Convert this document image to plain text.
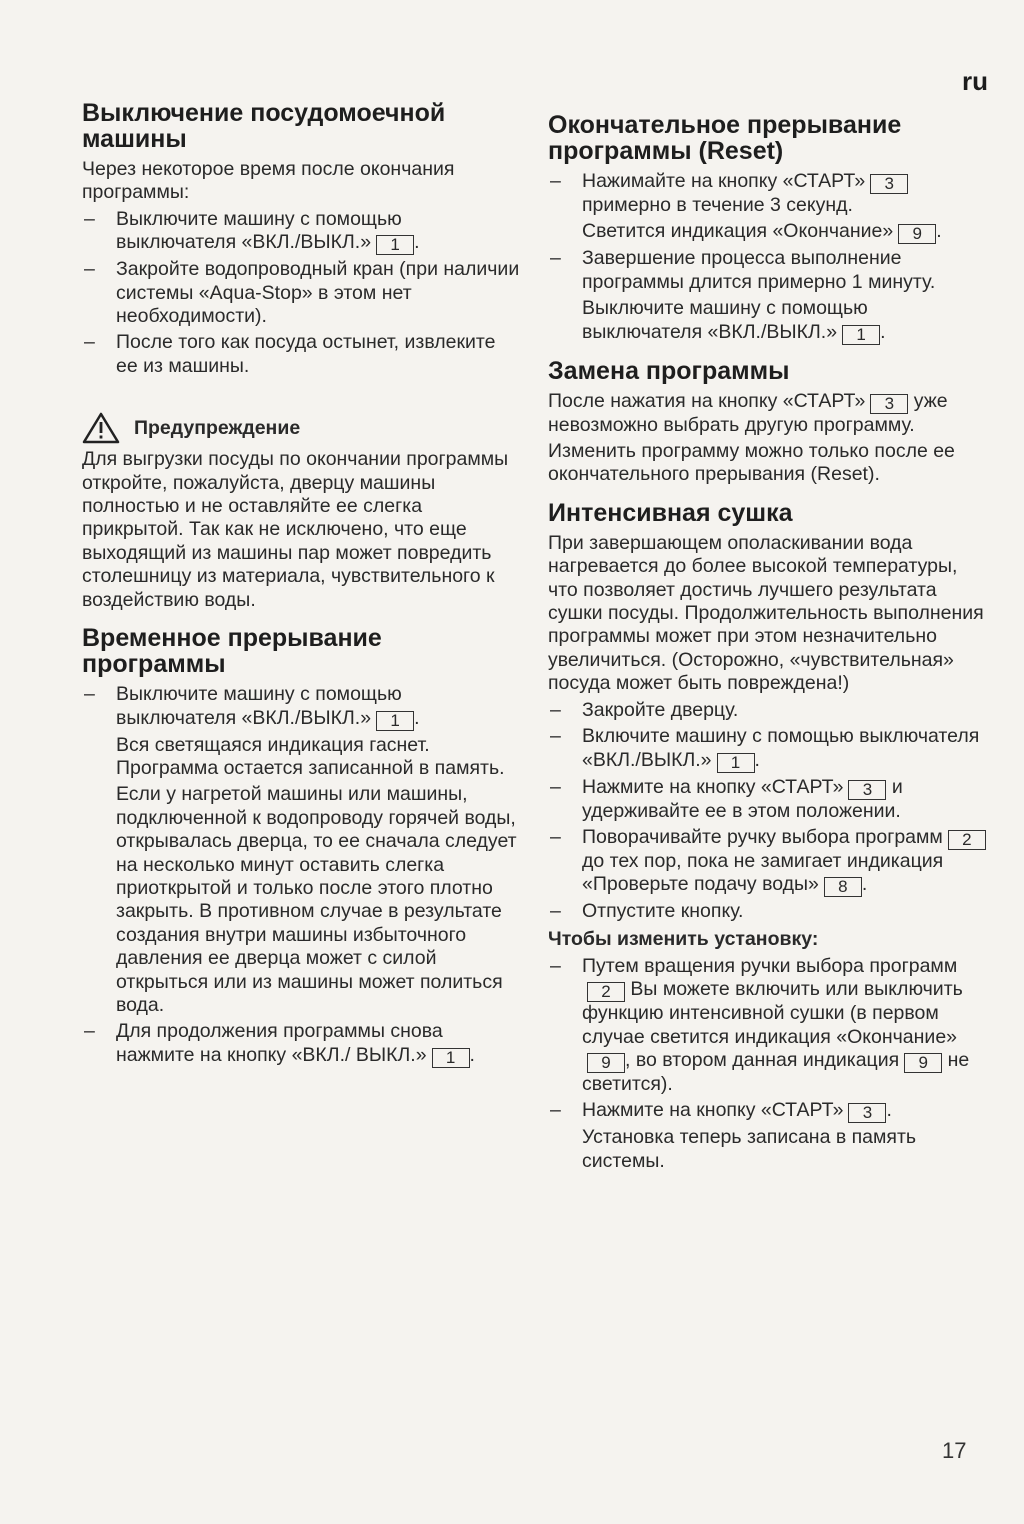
ru
Выключение посудомоечной машины

Через некоторое время после окончания программы:

– Выключите машину с помощью выключателя «ВКЛ./ВЫКЛ.» 1 .
– Закройте водопроводный кран (при наличии системы «Aqua-Stop» в этом нет необходимости).
– После того как посуда остынет, извлеките ее из машины.
Предупреждение

Для выгрузки посуды по окончании программы откройте, пожалуйста, дверцу машины полностью и не оставляйте ее слегка прикрытой. Так как не исключено, что еще выходящий из машины пар может повредить столешницу из материала, чувствительного к воздействию воды.

Временное прерывание программы
– Выключите машину с помощью выключателя «ВКЛ./ВЫКЛ.» 1 .

Вся светящаяся индикация гаснет. Программа остается записанной в память.

Если у нагретой машины или машины, подключенной к водопроводу горячей воды, открывалась дверца, то ее сначала следует на несколько минут оставить слегка приоткрытой и только после этого плотно закрыть. В противном случае в результате создания внутри машины избыточного давления ее дверца может с силой открыться или из машины может политься вода.

– Для продолжения программы снова нажмите на кнопку «ВКЛ./ ВЫКЛ.» 1 .
Окончательное прерывание программы (Reset)
– Нажимайте на кнопку «СТАРТ» 3 примерно в течение 3 секунд.

Светится индикация «Окончание» 9 .

– Завершение процесса выполнение программы длится примерно 1 минуту.

Выключите машину с помощью выключателя «ВКЛ./ВЫКЛ.» 1 .

Замена программы

После нажатия на кнопку «СТАРТ» 3 уже невозможно выбрать другую программу.

Изменить программу можно только после ее окончательного прерывания (Reset).

Интенсивная сушка

При завершающем ополаскивании вода нагревается до более высокой температуры, что позволяет достичь лучшего результата сушки посуды. Продолжительность выполнения программы может при этом незначительно увеличиться. (Осторожно, «чувствительная» посуда может быть повреждена!)

– Закройте дверцу.
– Включите машину с помощью выключателя «ВКЛ./ВЫКЛ.» 1 .
– Нажмите на кнопку «СТАРТ» 3 и удерживайте ее в этом положении.
– Поворачивайте ручку выбора программ 2 до тех пор, пока не замигает индикация «Проверьте подачу воды» 8 .
– Отпустите кнопку.
Чтобы изменить установку:
– Путем вращения ручки выбора программ2 Вы можете включить или выключить функцию интенсивной сушки (в первом случае светится индикация «Окончание»9 , во втором данная индикация 9 не светится).
– Нажмите на кнопку «СТАРТ» 3 .

Установка теперь записана в память системы.

17
